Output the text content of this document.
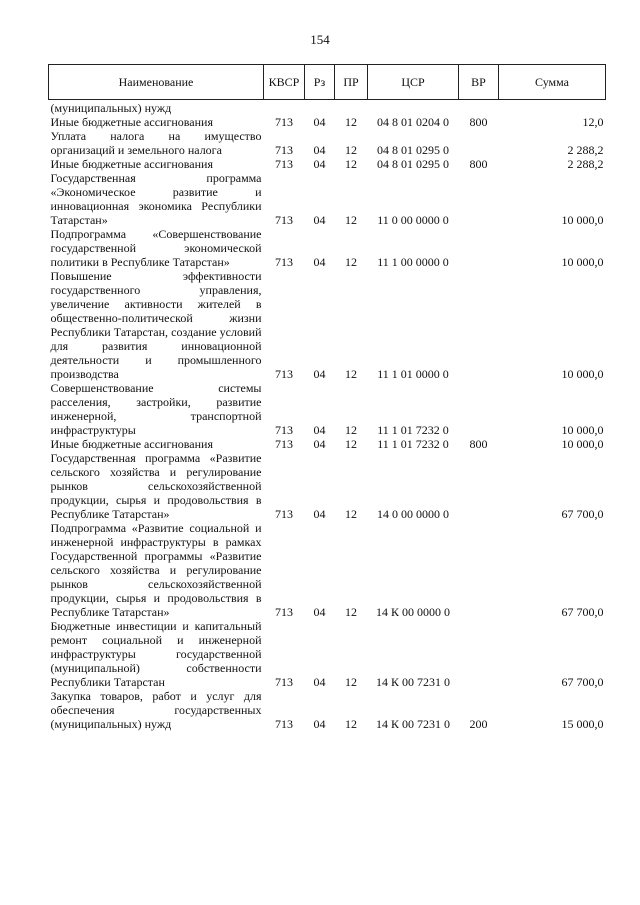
154
Наименование	КВСР	Рз	ПР	ЦСР	ВР	Сумма
(муниципальных) нужд						
Иные бюджетные ассигнования	713	04	12	04 8 01 0204 0	800	12,0
Уплата налога на имущество организаций и земельного налога	713	04	12	04 8 01 0295 0		2 288,2
Иные бюджетные ассигнования	713	04	12	04 8 01 0295 0	800	2 288,2
Государственная программа «Экономическое развитие и инновационная экономика Республики Татарстан»	713	04	12	11 0 00 0000 0		10 000,0
Подпрограмма «Совершенствование государственной экономической политики в Республике Татарстан»	713	04	12	11 1 00 0000 0		10 000,0
Повышение эффективности государственного управления, увеличение активности жителей в общественно-политической жизни Республики Татарстан, создание условий для развития инновационной деятельности и промышленного производства	713	04	12	11 1 01 0000 0		10 000,0
Совершенствование системы расселения, застройки, развитие инженерной, транспортной инфраструктуры	713	04	12	11 1 01 7232 0		10 000,0
Иные бюджетные ассигнования	713	04	12	11 1 01 7232 0	800	10 000,0
Государственная программа «Развитие сельского хозяйства и регулирование рынков сельскохозяйственной продукции, сырья и продовольствия в Республике Татарстан»	713	04	12	14 0 00 0000 0		67 700,0
Подпрограмма «Развитие социальной и инженерной инфраструктуры в рамках Государственной программы «Развитие сельского хозяйства и регулирование рынков сельскохозяйственной продукции, сырья и продовольствия в Республике Татарстан»	713	04	12	14 К 00 0000 0		67 700,0
Бюджетные инвестиции и капитальный ремонт социальной и инженерной инфраструктуры государственной (муниципальной) собственности Республики Татарстан	713	04	12	14 К 00 7231 0		67 700,0
Закупка товаров, работ и услуг для обеспечения государственных (муниципальных) нужд	713	04	12	14 К 00 7231 0	200	15 000,0
